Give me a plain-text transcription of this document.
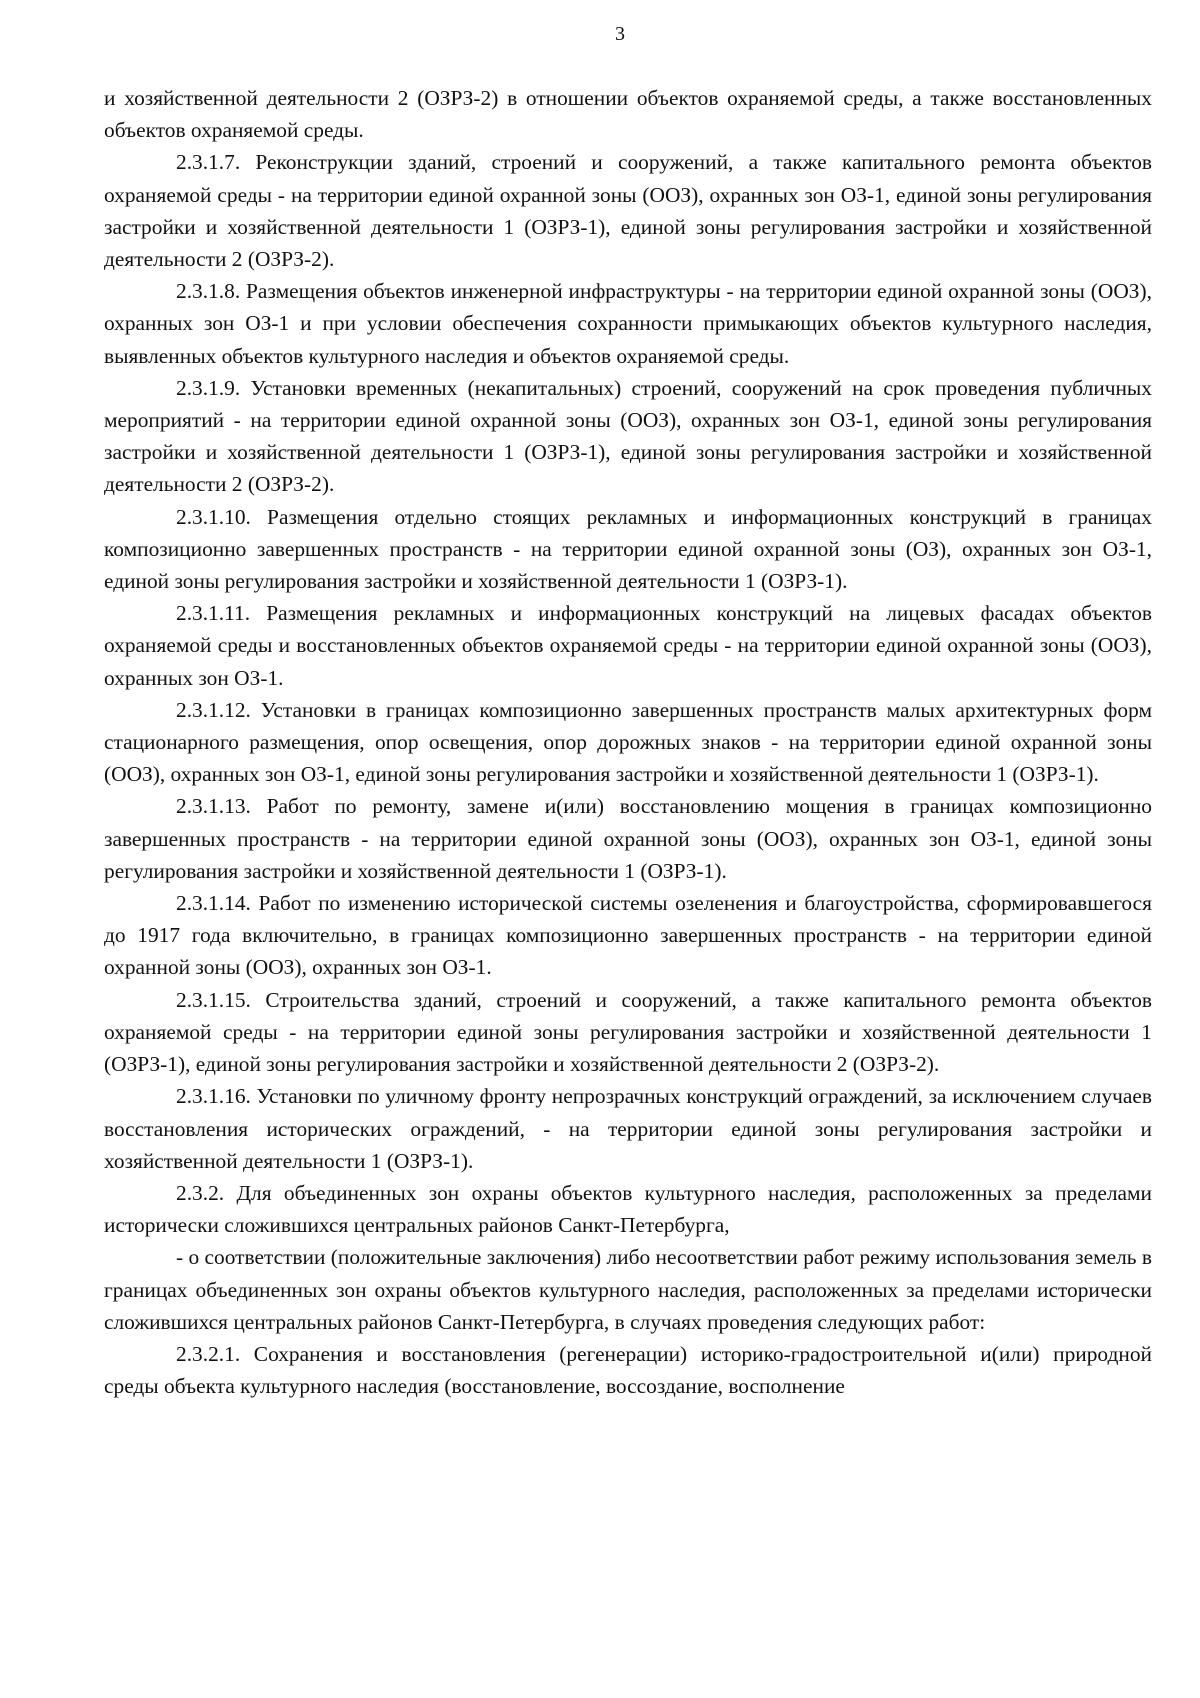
3

и хозяйственной деятельности 2 (ОЗРЗ-2) в отношении объектов охраняемой среды, а также восстановленных объектов охраняемой среды.

2.3.1.7. Реконструкции зданий, строений и сооружений, а также капитального ремонта объектов охраняемой среды - на территории единой охранной зоны (ООЗ), охранных зон ОЗ-1, единой зоны регулирования застройки и хозяйственной деятельности 1 (ОЗРЗ-1), единой зоны регулирования застройки и хозяйственной деятельности 2 (ОЗРЗ-2).

2.3.1.8. Размещения объектов инженерной инфраструктуры - на территории единой охранной зоны (ООЗ), охранных зон ОЗ-1 и при условии обеспечения сохранности примыкающих объектов культурного наследия, выявленных объектов культурного наследия и объектов охраняемой среды.

2.3.1.9. Установки временных (некапитальных) строений, сооружений на срок проведения публичных мероприятий - на территории единой охранной зоны (ООЗ), охранных зон ОЗ-1, единой зоны регулирования застройки и хозяйственной деятельности 1 (ОЗРЗ-1), единой зоны регулирования застройки и хозяйственной деятельности 2 (ОЗРЗ-2).

2.3.1.10. Размещения отдельно стоящих рекламных и информационных конструкций в границах композиционно завершенных пространств - на территории единой охранной зоны (ОЗ), охранных зон ОЗ-1, единой зоны регулирования застройки и хозяйственной деятельности 1 (ОЗРЗ-1).

2.3.1.11. Размещения рекламных и информационных конструкций на лицевых фасадах объектов охраняемой среды и восстановленных объектов охраняемой среды - на территории единой охранной зоны (ООЗ), охранных зон ОЗ-1.

2.3.1.12. Установки в границах композиционно завершенных пространств малых архитектурных форм стационарного размещения, опор освещения, опор дорожных знаков - на территории единой охранной зоны (ООЗ), охранных зон ОЗ-1, единой зоны регулирования застройки и хозяйственной деятельности 1 (ОЗРЗ-1).

2.3.1.13. Работ по ремонту, замене и(или) восстановлению мощения в границах композиционно завершенных пространств - на территории единой охранной зоны (ООЗ), охранных зон ОЗ-1, единой зоны регулирования застройки и хозяйственной деятельности 1 (ОЗРЗ-1).

2.3.1.14. Работ по изменению исторической системы озеленения и благоустройства, сформировавшегося до 1917 года включительно, в границах композиционно завершенных пространств - на территории единой охранной зоны (ООЗ), охранных зон ОЗ-1.

2.3.1.15. Строительства зданий, строений и сооружений, а также капитального ремонта объектов охраняемой среды - на территории единой зоны регулирования застройки и хозяйственной деятельности 1 (ОЗРЗ-1), единой зоны регулирования застройки и хозяйственной деятельности 2 (ОЗРЗ-2).

2.3.1.16. Установки по уличному фронту непрозрачных конструкций ограждений, за исключением случаев восстановления исторических ограждений, - на территории единой зоны регулирования застройки и хозяйственной деятельности 1 (ОЗРЗ-1).

2.3.2. Для объединенных зон охраны объектов культурного наследия, расположенных за пределами исторически сложившихся центральных районов Санкт-Петербурга,

- о соответствии (положительные заключения) либо несоответствии работ режиму использования земель в границах объединенных зон охраны объектов культурного наследия, расположенных за пределами исторически сложившихся центральных районов Санкт-Петербурга, в случаях проведения следующих работ:

2.3.2.1. Сохранения и восстановления (регенерации) историко-градостроительной и(или) природной среды объекта культурного наследия (восстановление, воссоздание, восполнение
